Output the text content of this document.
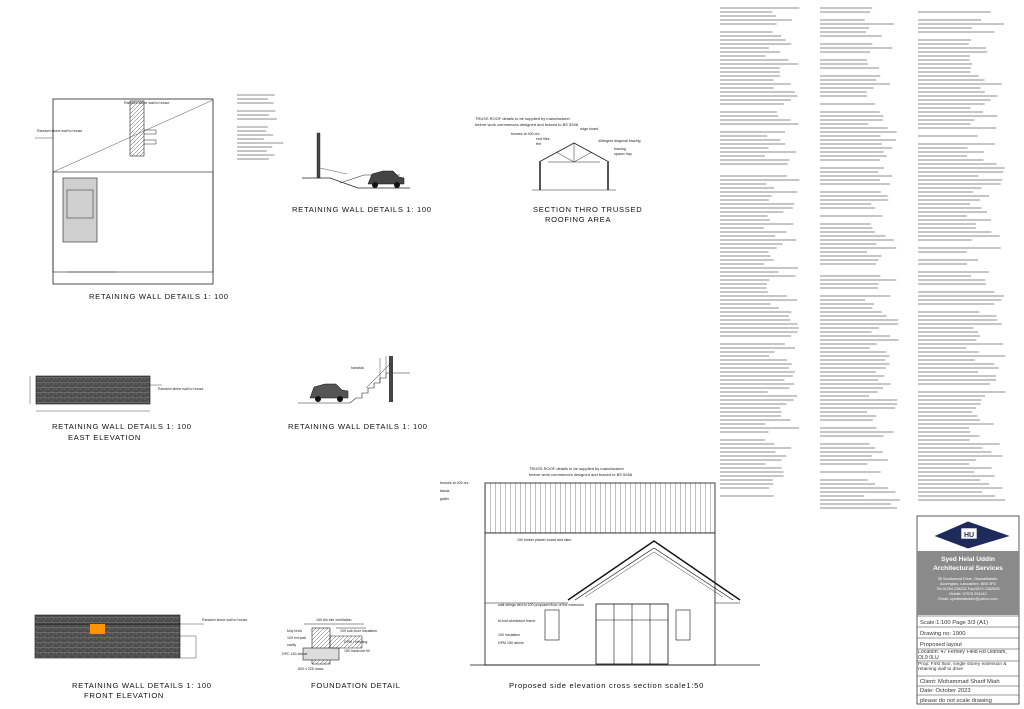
Random stone wall to house
Random stone wall to house
RETAINING WALL DETAILS 1: 100
RETAINING WALL DETAILS 1: 100
TRUSS ROOF details to be supplied by manufacturer
before work commences designed and braced to BS 5268
trusses at 400 crs
roof tiles
felt
ridge board
45degree diagonal bracing
bracing
spacer tray
SECTION THRO TRUSSED
ROOFING AREA
Random stone wall to house
RETAINING WALL DETAILS 1: 100
EAST ELEVATION
handrail
RETAINING WALL DETAILS 1: 100
Random stone wall to house
RETAINING WALL DETAILS 1: 100
FRONT ELEVATION
150 thk site ventilation
100 sub-floor insulation
DPM / blinding
150 hardcore fill
fully brick
100 ext wall
cavity
DPC 150 above
600 x 225 mass
FOUNDATION DETAIL
TRUSS ROOF details to be supplied by manufacturer
before work commences designed and braced to BS 5268
trusses at 400 crs
fascia
gutter
150 timber plaster board and skim
wall strings tied to 100 proposed floor of the extension
bi-fold aluminium frame
100 insulation
DPM 150 above
Proposed side elevation cross section scale1:50
HU
Syed Helal Uddin
Architectural Services
35 Southwood Drive, Oswaldtwistle,
Accrington, Lancashire. BB5 3PZ
Tel:01254 238232 Fax:0870 2352528
Mobile: 07976 251142
Email: syedhelaluddin@yahoo.com
Scale:1:100 Page 3/3 (A1)
Drawing no: 1900
Proposed layout
Location: 47 Fernley Field Rd Oldham, OL9 0LU
Prop: First floor, single storey extension & retaining wall to drive
Client: Mohammad Sharif Miah
Date: October 2023
please do not scale drawing
